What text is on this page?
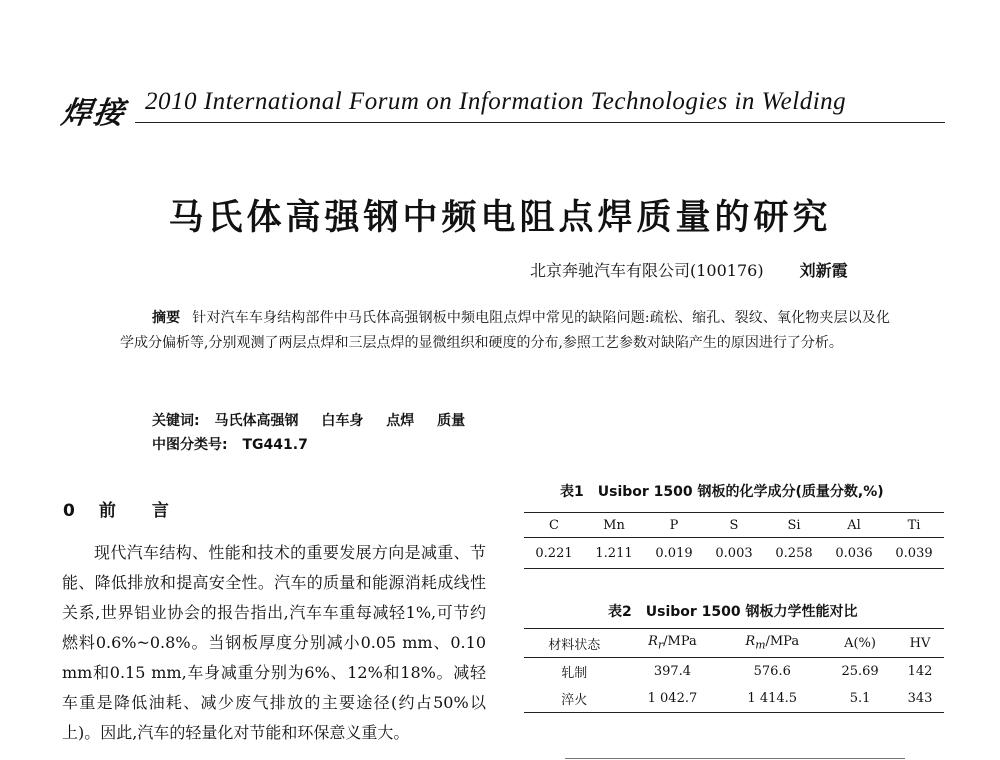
焊接 2010 International Forum on Information Technologies in Welding
马氏体高强钢中频电阻点焊质量的研究
北京奔驰汽车有限公司(100176) 刘新霞
摘要 针对汽车车身结构部件中马氏体高强钢板中频电阻点焊中常见的缺陷问题:疏松、缩孔、裂纹、氧化物夹层以及化学成分偏析等,分别观测了两层点焊和三层点焊的显微组织和硬度的分布,参照工艺参数对缺陷产生的原因进行了分析。
关键词: 马氏体高强钢 白车身 点焊 质量
中图分类号: TG441.7
0 前言

现代汽车结构、性能和技术的重要发展方向是减重、节能、降低排放和提高安全性。汽车的质量和能源消耗成线性关系,世界铝业协会的报告指出,汽车车重每减轻1%,可节约燃料0.6%~0.8%。当钢板厚度分别减小0.05 mm、0.10 mm和0.15 mm,车身减重分别为6%、12%和18%。减轻车重是降低油耗、减少废气排放的主要途径(约占50%以上)。因此,汽车的轻量化对节能和环保意义重大。

表1 Usibor 1500 钢板的化学成分(质量分数,%)
C	Mn	P	S	Si	Al	Ti
0.221	1.211	0.019	0.003	0.258	0.036	0.039
表2 Usibor 1500 钢板力学性能对比
材料状态	$R_r$/MPa	$R_m$/MPa	A(%)	HV
轧制	397.4	576.6	25.69	142
淬火	1 042.7	1 414.5	5.1	343
